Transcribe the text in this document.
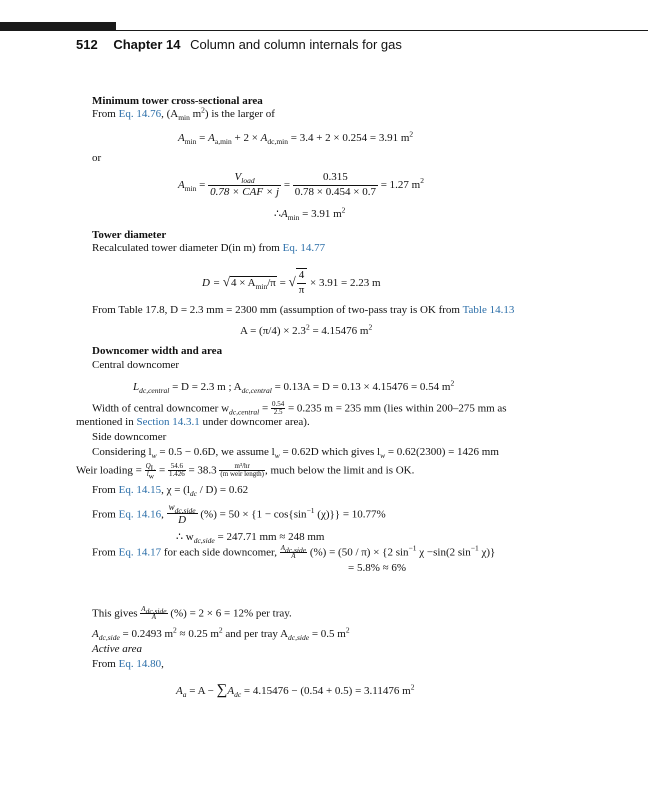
512 Chapter 14 Column and column internals for gas
Minimum tower cross-sectional area
From Eq. 14.76, ($A_{min}$ $m^2$) is the larger of
$A_{min} = A_{a,min} + 2 \times A_{dc,min} = 3.4 + 2 \times 0.254 = 3.91$ $m^2$
or
$A_{min}$ =
$V_{load}$
0.78 × CAF × j
= $\frac{0.315}{0.78 \times 0.454 \times 0.7} = 1.27$ $m^2$
$\therefore A_{min} = 3.91$ $m^2$
Tower diameter
Recalculated tower diameter D(in m) from Eq. 14.77
$D = √4 \times A_{min}/\pi$ = √ $\frac{4}{\pi} \times 3.91 = 2.23$ m
From Table 17.8, D = 2.3 mm = 2300 mm (assumption of two-pass tray is OK from Table 14.13
$A = (\pi/4) \times 2.3^2 = 4.15476$ $m^2$
Downcomer width and area
Central downcomer
$L_{dc,central} = D = 2.3$ m ; $A_{dc,central} = 0.13A = D = 0.13 \times 4.15476 = 0.54$ $m^2$
Width of central downcomer $w_{dc,central} = \frac{0.54}{2.5} = 0.235$ m = 235 mm (lies within 200–275 mm as
mentioned in Section 14.3.1 under downcomer area).
Side downcomer
Considering $l_w = 0.5 - 0.6D$, we assume $l_w = 0.62D$ which gives $l_w = 0.62(2300) = 1426$ mm
Weir loading = $\frac{Q_L}{l_w} = \frac{54.6}{1.426} = 38.3$	m³/hr
(m weir length) , much below the limit and is OK.
From Eq. 14.15, $\chi = (l_{dc} / D) = 0.62$
From Eq. 14.16,
$w_{dc,side}$
D	(%) = $50 \times \{1 - \cos\{\sin^{-1}$ (χ)}} = 10.77%
∴ $w_{dc,side} = 247.71$ mm ≈ 248 mm
From Eq. 14.17 for each side downcomer, $A_{dc,side}$
A	(%) = (50 / π) × {2 $\sin^{-1} \chi -\sin(2$ $\sin^{-1} \chi$)}
= 5.8% ≈ 6%
This gives $A_{dc,side}$
A	(%) = 2 × 6 = 12% per tray.
$A_{dc,side} = 0.2493$ $m^2 \approx 0.25$ $m^2$ and per tray $A_{dc,side} = 0.5$ $m^2$
Active area
From Eq. 14.80,
$A_a = A - \sum A_{dc} = 4.15476 - (0.54 + 0.5) = 3.11476$ $m^2$
